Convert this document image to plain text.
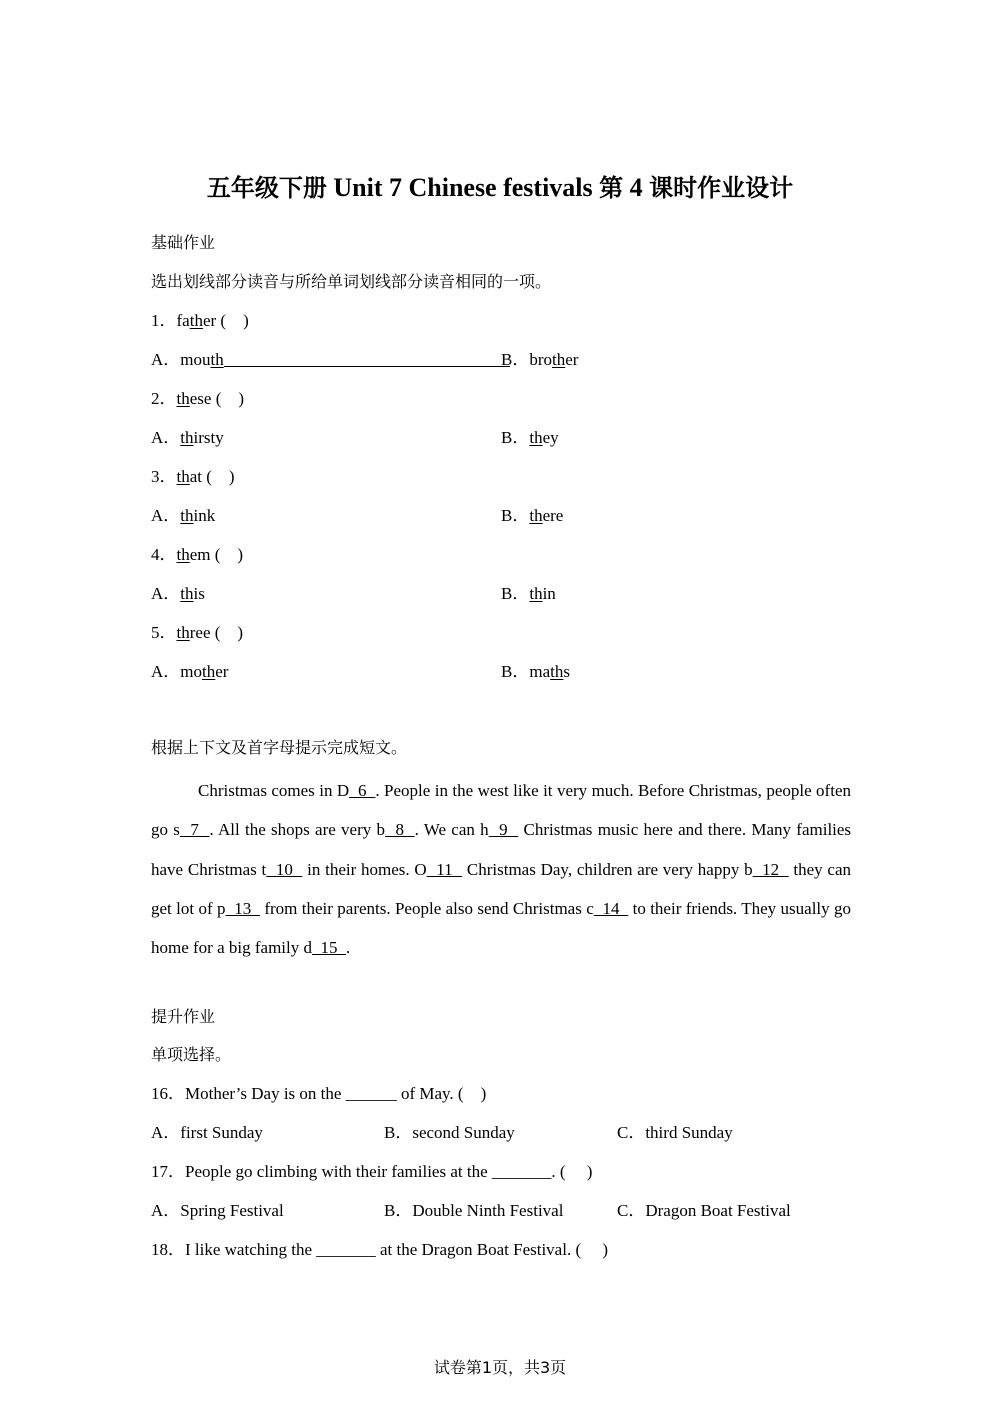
五年级下册 Unit 7 Chinese festivals 第 4 课时作业设计
基础作业
选出划线部分读音与所给单词划线部分读音相同的一项。
1．father (　)
A．mouth	B．brother
2．these (　)
A．thirsty	B．they
3．that (　)
A．think	B．there
4．them (　)
A．this	B．thin
5．three (　)
A．mother	B．maths
根据上下文及首字母提示完成短文。

Christmas comes in D  6  . People in the west like it very much. Before Christmas, people often go s  7  . All the shops are very b  8  . We can h  9   Christmas music here and there. Many families have Christmas t  10   in their homes. O  11   Christmas Day, children are very happy b  12   they can get lot of p  13   from their parents. People also send Christmas c  14   to their friends. They usually go home for a big family d  15  .

提升作业
单项选择。
16．Mother’s Day is on the ______ of May. (　)
A．first Sunday	B．second Sunday	C．third Sunday
17．People go climbing with their families at the _______. (　 )
A．Spring Festival	B．Double Ninth Festival	C．Dragon Boat Festival
18．I like watching the _______ at the Dragon Boat Festival. (　 )
试卷第1页，共3页
